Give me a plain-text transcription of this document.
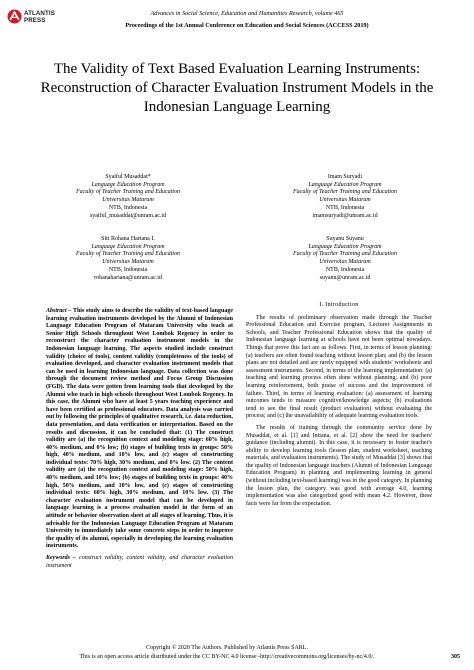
ATLANTIS
PRESS
Advances in Social Science, Education and Humanities Research, volume 465
Proceedings of the 1st Annual Conference on Education and Social Sciences (ACCESS 2019)
The Validity of Text Based Evaluation Learning Instruments: Reconstruction of Character Evaluation Instrument Models in the Indonesian Language Learning
Syaiful Musaddat*
Language Education Program
Faculty of Teacher Training and Education
Universitas Mataram
NTB, Indonesia
syaiful_musaddat@unram.ac.id
Imam Suryadi
Language Education Program
Faculty of Teacher Training and Education
Universitas Mataram
NTB, Indonesia
imamsuryadi@unram.ac.id
Siti Rohana Hariana I.
Language Education Program
Faculty of Teacher Training and Education
Universitas Mataram
NTB, Indonesia
rohanahariana@unram.ac.id
Suyanu Suyanu
Language Education Program
Faculty of Teacher Training and Education
Universitas Mataram
NTB, Indonesia
suyanu@unram.ac.id
Abstract – This study aims to describe the validity of text-based language learning evaluation instruments developed by the Alumni of Indonesian Language Education Program of Mataram University who teach at Senior High Schools throughout West Lombok Regency in order to reconstruct the character evaluation instrument models in the Indonesian language learning. The aspects studied include construct validity (choice of tools), content validity (completeness of the tools) of evaluation developed, and character evaluation instrument models that can be used in learning Indonesian language. Data collection was done through the document review method and Focus Group Discussion (FGD). The data were gotten from learning tools that developed by the Alumni who teach in high schools throughout West Lombok Regency. In this case, the Alumni who have at least 5 years teaching experience and have been certified as professional educators. Data analysis was carried out by following the principles of qualitative research, i.e. data reduction, data presentation, and data verification or interpretation. Based on the results and discussion, it can be concluded that: (1) The construct validity are (a) the recognition context and modeling stage: 60% high, 40% medium, and 0% low; (b) stages of building texts in groups: 50% high, 40% medium, and 10% low, and (c) stages of constructing individual texts: 70% high, 30% medium, and 0% low. (2) The content validity are (a) the recognition context and modeling stage: 50% high, 40% medium, and 10% low; (b) stages of building texts in groups: 40% high, 50% medium, and 10% low, and (c) stages of constructing individual texts: 60% high, 30% medium, and 10% low. (3) The character evaluation instrument model that can be developed in language learning is a process evaluation model in the form of an attitude or behavior observation sheet at all stages of learning. Thus, it is advisable for the Indonesian Language Education Program at Mataram University to immediately take some concrete steps in order to improve the quality of its alumni, especially in developing the learning evaluation instruments.
Keywords – construct validity, content validity, and character evaluation instrument
I. Introduction

The results of preliminary observation made through the Teacher Professional Education and Exercise program, Lecturer Assignments in Schools, and Teacher Professional Education shows that the quality of Indonesian language learning at schools have not been optimal nowadays. Things that prove this fact are as follows. First, in terms of lesson planning: (a) teachers are often found teaching without lesson plan; and (b) the lesson plans are not detailed and are rarely equipped with students' worksheets and assessment instruments. Second, in terms of the learning implementation: (a) teaching and learning process often done without planning; and (b) poor learning reinforcement, both praise of success and the improvement of failure. Third, in terms of learning evaluation: (a) assessment of learning outcomes tends to measure cognitive/knowledge aspects; (b) evaluations tend to see the final result (product evaluation) without evaluating the process; and (c) the unavailability of adequate learning evaluation tools.

The results of training through the community service done by Musaddat, et al. [1] and Intiana, et al. [2] show the need for teachers' guidance (including alumni). In this case, it is necessary to foster teacher's ability to develop learning tools (lesson plan, student worksheet, teaching materials, and evaluation instruments). The study of Musaddat [3] shows that the quality of Indonesian language teachers (Alumni of Indonesian Language Education Program) in planning and implementing learning in general (without including text-based learning) was in the good category. In planning the lesson plan, the category was good with average 4.0, learning implementation was also categorized good with mean 4.2. However, these facts were far from the expectation.

Copyright © 2020 The Authors. Published by Atlantis Press SARL.
This is an open access article distributed under the CC BY-NC 4.0 license -http://creativecommons.org/licenses/by-nc/4.0/.	305
